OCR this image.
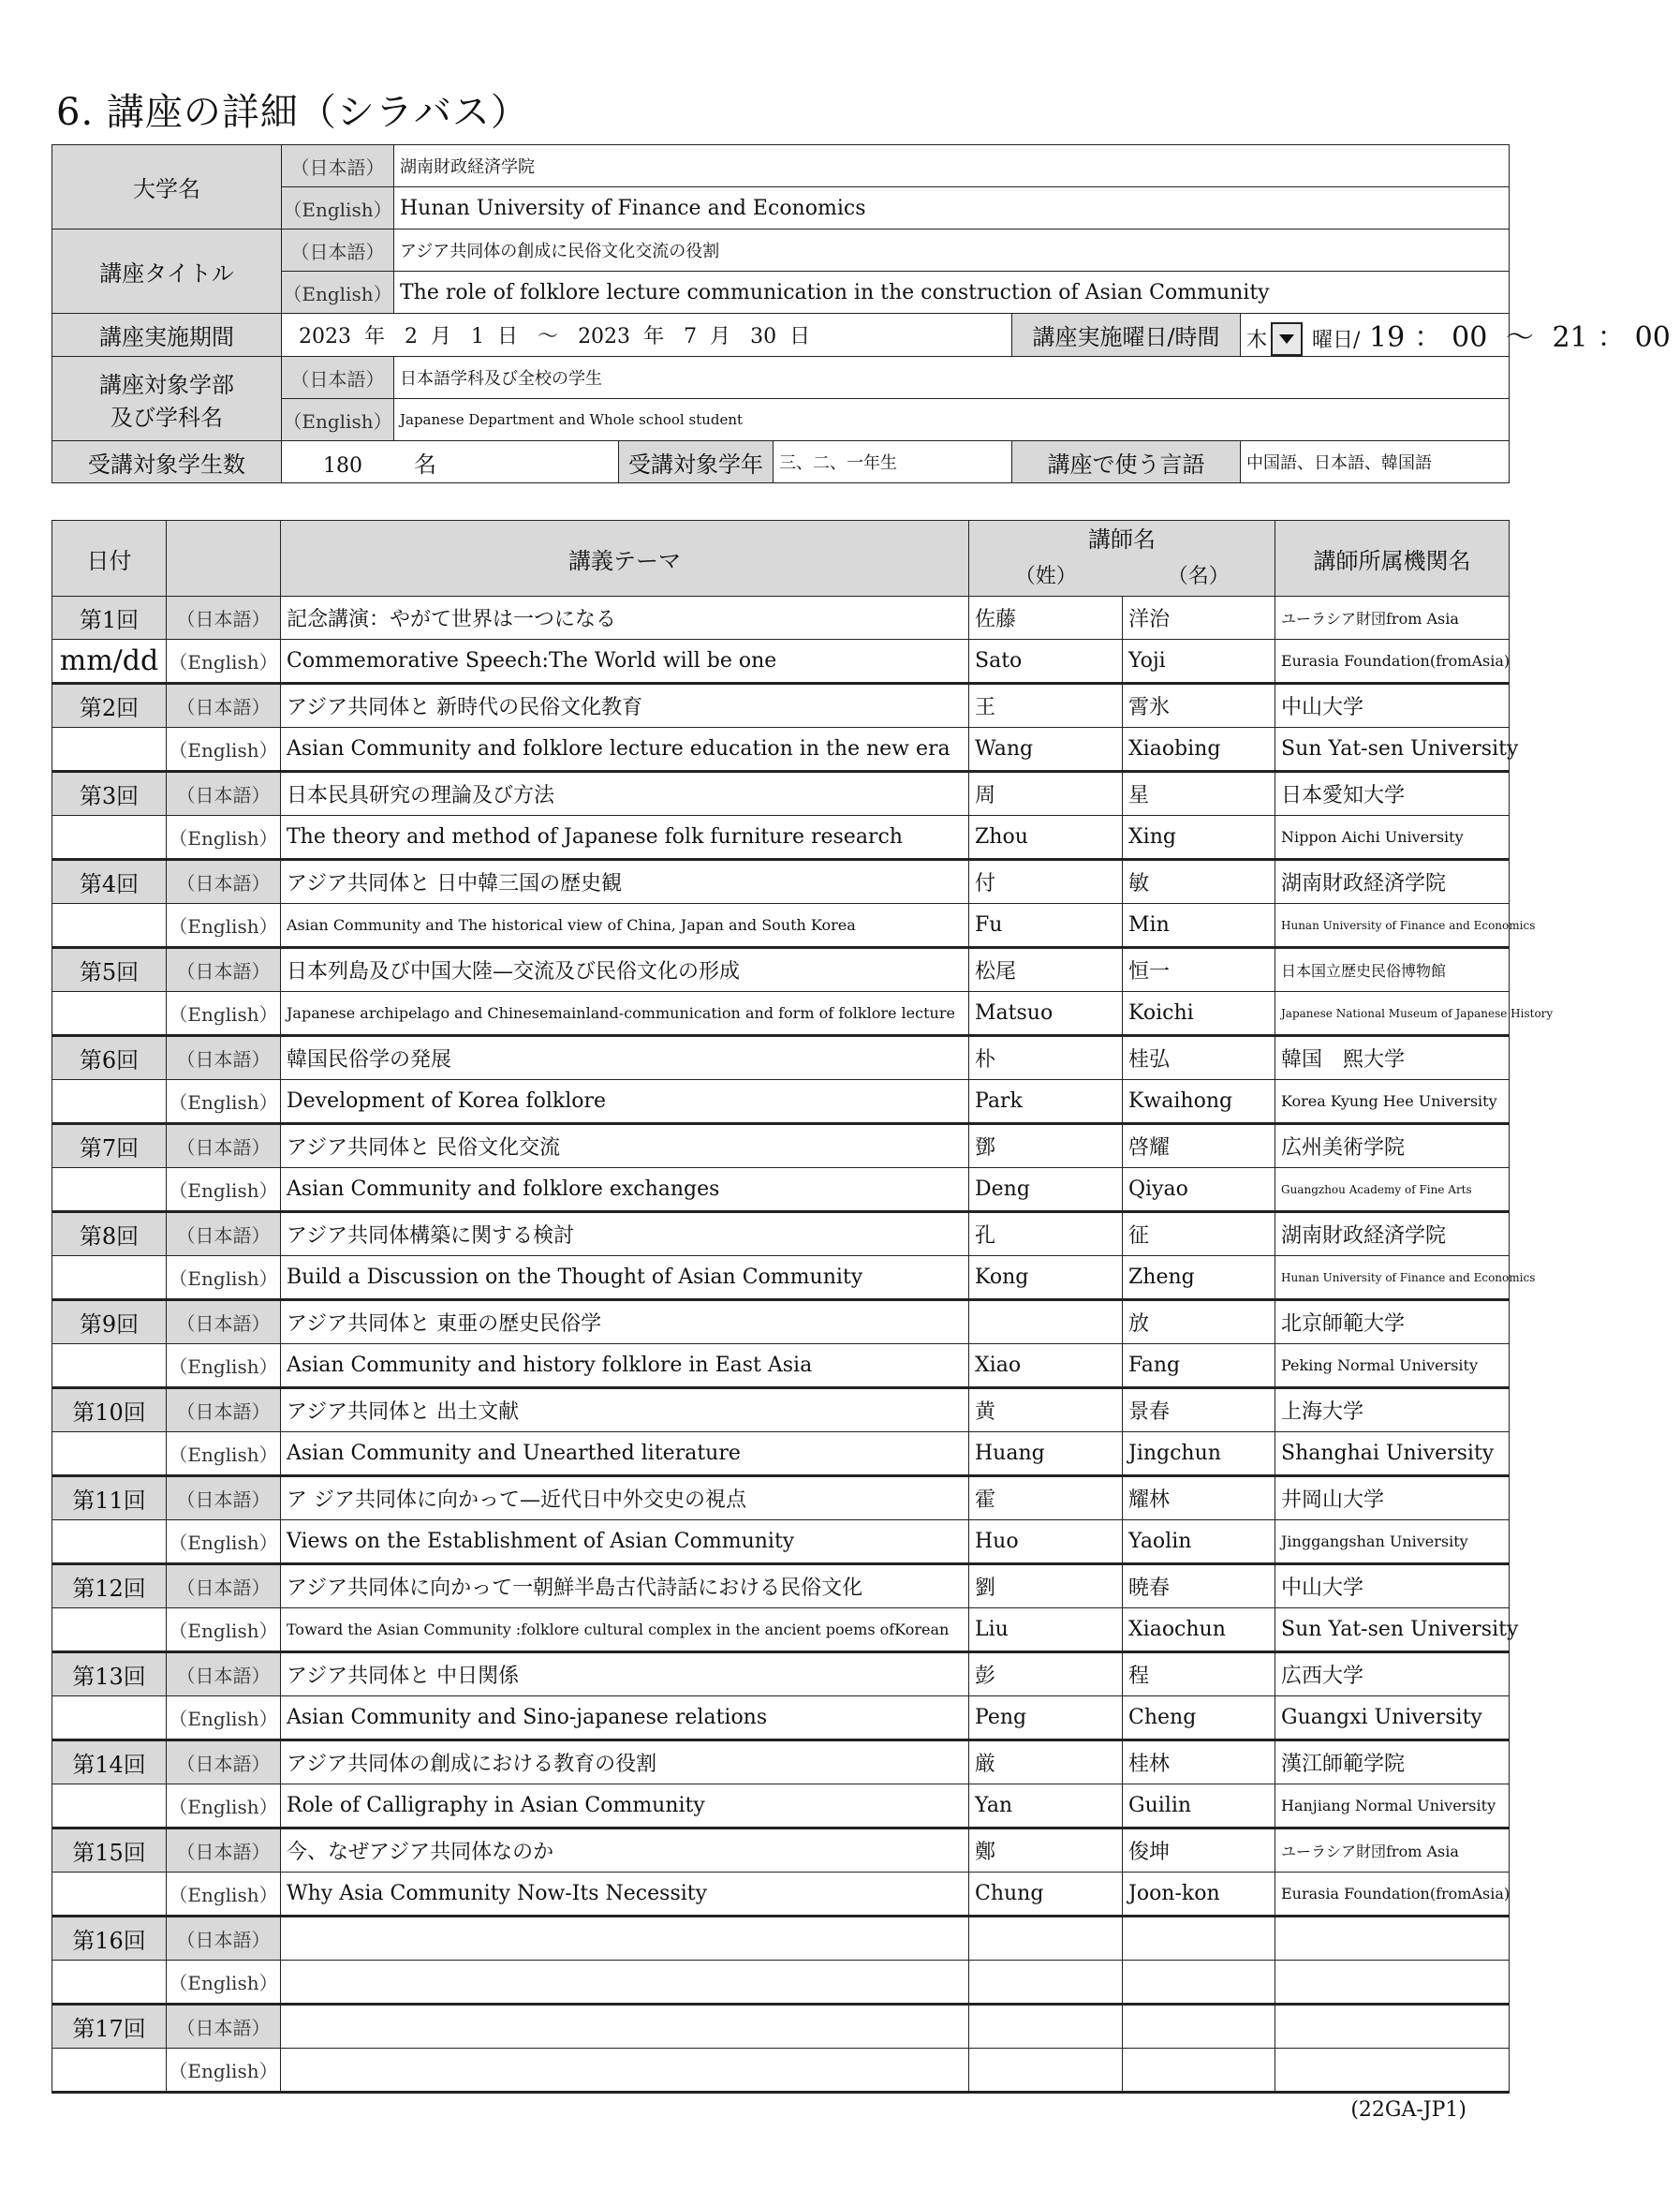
6. 講座の詳細（シラバス）
大学名	（日本語）	湖南財政経済学院				
	（English）	Hunan University of Finance and Economics				
講座タイトル	（日本語）	アジア共同体の創成に民俗文化交流の役割				
	（English）	The role of folklore lecture communication in the construction of Asian Community				
講座実施期間	2023 年 2 月 1 日 ～ 2023 年 7 月 30 日				講座実施曜日/時間	木 曜日/ 19 ： 00 ～ 21 ： 00

講座対象学部
及び学科名	（日本語）	日本語学科及び全校の学生				
	（English）	Japanese Department and Whole school student				
受講対象学生数	180 名		受講対象学年	三、二、一年生	講座で使う言語	中国語、日本語、韓国語
日付		講義テーマ	講師名		講師所属機関名
			（姓）	（名）	
第1回	（日本語）	記念講演：やがて世界は一つになる	佐藤	洋治	ユーラシア財団from Asia
mm/dd	（English）	Commemorative Speech:The World will be one	Sato	Yoji	Eurasia Foundation(fromAsia)
第2回	（日本語）	アジア共同体と 新時代の民俗文化教育	王	霄氷	中山大学
	（English）	Asian Community and folklore lecture education in the new era	Wang	Xiaobing	Sun Yat-sen University
第3回	（日本語）	日本民具研究の理論及び方法	周	星	日本愛知大学
	（English）	The theory and method of Japanese folk furniture research	Zhou	Xing	Nippon Aichi University
第4回	（日本語）	アジア共同体と 日中韓三国の歴史観	付	敏	湖南財政経済学院
	（English）	Asian Community and The historical view of China, Japan and South Korea	Fu	Min	Hunan University of Finance and Economics
第5回	（日本語）	日本列島及び中国大陸—交流及び民俗文化の形成	松尾	恒一	日本国立歴史民俗博物館
	（English）	Japanese archipelago and Chinesemainland-communication and form of folklore lecture	Matsuo	Koichi	Japanese National Museum of Japanese History
第6回	（日本語）	韓国民俗学の発展	朴	桂弘	韓国　熙大学
	（English）	Development of Korea folklore	Park	Kwaihong	Korea Kyung Hee University
第7回	（日本語）	アジア共同体と 民俗文化交流	鄧	啓耀	広州美術学院
	（English）	Asian Community and folklore exchanges	Deng	Qiyao	Guangzhou Academy of Fine Arts
第8回	（日本語）	アジア共同体構築に関する検討	孔	征	湖南財政経済学院
	（English）	Build a Discussion on the Thought of Asian Community	Kong	Zheng	Hunan University of Finance and Economics
第9回	（日本語）	アジア共同体と 東亜の歴史民俗学		放	北京師範大学
	（English）	Asian Community and history folklore in East Asia	Xiao	Fang	Peking Normal University
第10回	（日本語）	アジア共同体と 出土文献	黄	景春	上海大学
	（English）	Asian Community and Unearthed literature	Huang	Jingchun	Shanghai University
第11回	（日本語）	ア ジア共同体に向かって—近代日中外交史の視点	霍	耀林	井岡山大学
	（English）	Views on the Establishment of Asian Community	Huo	Yaolin	Jinggangshan University
第12回	（日本語）	アジア共同体に向かって一朝鮮半島古代詩話における民俗文化	劉	暁春	中山大学
	（English）	Toward the Asian Community :folklore cultural complex in the ancient poems ofKorean	Liu	Xiaochun	Sun Yat-sen University
第13回	（日本語）	アジア共同体と 中日関係	彭	程	広西大学
	（English）	Asian Community and Sino-japanese relations	Peng	Cheng	Guangxi University
第14回	（日本語）	アジア共同体の創成における教育の役割	厳	桂林	漢江師範学院
	（English）	Role of Calligraphy in Asian Community	Yan	Guilin	Hanjiang Normal University
第15回	（日本語）	今、なぜアジア共同体なのか	鄭	俊坤	ユーラシア財団from Asia
	（English）	Why Asia Community Now-Its Necessity	Chung	Joon-kon	Eurasia Foundation(fromAsia)
第16回	（日本語）				
	（English）				
第17回	（日本語）				
	（English）				
(22GA-JP1)
